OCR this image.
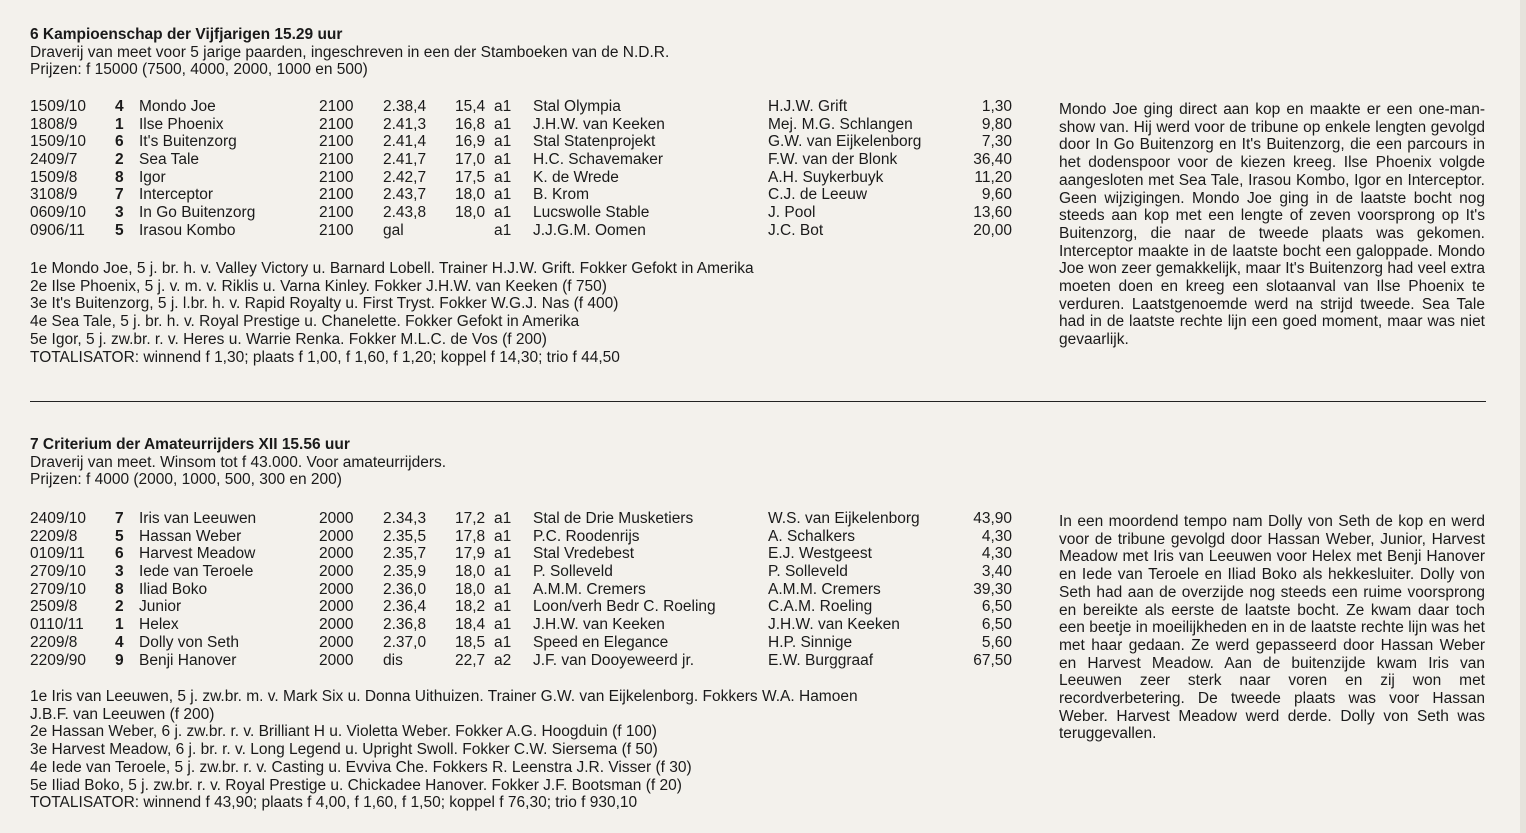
6 Kampioenschap der Vijfjarigen 15.29 uur
Draverij van meet voor 5 jarige paarden, ingeschreven in een der Stamboeken van de N.D.R.
Prijzen: f 15000 (7500, 4000, 2000, 1000 en 500)
1509/10 4 Mondo Joe	2100 2.38,4 15,4 a1 Stal Olympia	H.J.W. Grift	1,30
1808/9 1 Ilse Phoenix	2100 2.41,3 16,8 a1 J.H.W. van Keeken	Mej. M.G. Schlangen	9,80
1509/10 6 It's Buitenzorg	2100 2.41,4 16,9 a1 Stal Statenprojekt	G.W. van Eijkelenborg	7,30
2409/7 2 Sea Tale	2100 2.41,7 17,0 a1 H.C. Schavemaker	F.W. van der Blonk	36,40
1509/8 8 Igor	2100 2.42,7 17,5 a1 K. de Wrede	A.H. Suykerbuyk	11,20
3108/9 7 Interceptor	2100 2.43,7 18,0 a1 B. Krom	C.J. de Leeuw	9,60
0609/10 3 In Go Buitenzorg	2100 2.43,8 18,0 a1 Lucswolle Stable	J. Pool	13,60
0906/11 5 Irasou Kombo	2100 gal	a1 J.J.G.M. Oomen	J.C. Bot	20,00
1e Mondo Joe, 5 j. br. h. v. Valley Victory u. Barnard Lobell. Trainer H.J.W. Grift. Fokker Gefokt in Amerika
2e Ilse Phoenix, 5 j. v. m. v. Riklis u. Varna Kinley. Fokker J.H.W. van Keeken (f 750)
3e It's Buitenzorg, 5 j. l.br. h. v. Rapid Royalty u. First Tryst. Fokker W.G.J. Nas (f 400)
4e Sea Tale, 5 j. br. h. v. Royal Prestige u. Chanelette. Fokker Gefokt in Amerika
5e Igor, 5 j. zw.br. r. v. Heres u. Warrie Renka. Fokker M.L.C. de Vos (f 200)
TOTALISATOR: winnend f 1,30; plaats f 1,00, f 1,60, f 1,20; koppel f 14,30; trio f 44,50
Mondo Joe ging direct aan kop en maakte er een one-man-show van. Hij werd voor de tribune op enkele lengten gevolgd door In Go Buitenzorg en It's Buitenzorg, die een parcours in het dodenspoor voor de kiezen kreeg. Ilse Phoenix volgde aangesloten met Sea Tale, Irasou Kombo, Igor en Interceptor. Geen wijzigingen. Mondo Joe ging in de laatste bocht nog steeds aan kop met een lengte of zeven voorsprong op It's Buitenzorg, die naar de tweede plaats was gekomen. Interceptor maakte in de laatste bocht een galoppade. Mondo Joe won zeer gemakkelijk, maar It's Buitenzorg had veel extra moeten doen en kreeg een slotaanval van Ilse Phoenix te verduren. Laatstgenoemde werd na strijd tweede. Sea Tale had in de laatste rechte lijn een goed moment, maar was niet gevaarlijk.
7 Criterium der Amateurrijders XII 15.56 uur
Draverij van meet. Winsom tot f 43.000. Voor amateurrijders.
Prijzen: f 4000 (2000, 1000, 500, 300 en 200)
2409/10 7 Iris van Leeuwen	2000 2.34,3 17,2 a1 Stal de Drie Musketiers	W.S. van Eijkelenborg	43,90
2209/8 5 Hassan Weber	2000 2.35,5 17,8 a1 P.C. Roodenrijs	A. Schalkers	4,30
0109/11 6 Harvest Meadow	2000 2.35,7 17,9 a1 Stal Vredebest	E.J. Westgeest	4,30
2709/10 3 Iede van Teroele	2000 2.35,9 18,0 a1 P. Solleveld	P. Solleveld	3,40
2709/10 8 Iliad Boko	2000 2.36,0 18,0 a1 A.M.M. Cremers	A.M.M. Cremers	39,30
2509/8 2 Junior	2000 2.36,4 18,2 a1 Loon/verh Bedr C. Roeling	C.A.M. Roeling	6,50
0110/11 1 Helex	2000 2.36,8 18,4 a1 J.H.W. van Keeken	J.H.W. van Keeken	6,50
2209/8 4 Dolly von Seth	2000 2.37,0 18,5 a1 Speed en Elegance	H.P. Sinnige	5,60
2209/90 9 Benji Hanover	2000 dis	22,7 a2 J.F. van Dooyeweerd jr.	E.W. Burggraaf	67,50
1e Iris van Leeuwen, 5 j. zw.br. m. v. Mark Six u. Donna Uithuizen. Trainer G.W. van Eijkelenborg. Fokkers W.A. Hamoen
J.B.F. van Leeuwen (f 200)
2e Hassan Weber, 6 j. zw.br. r. v. Brilliant H u. Violetta Weber. Fokker A.G. Hoogduin (f 100)
3e Harvest Meadow, 6 j. br. r. v. Long Legend u. Upright Swoll. Fokker C.W. Siersema (f 50)
4e Iede van Teroele, 5 j. zw.br. r. v. Casting u. Evviva Che. Fokkers R. Leenstra J.R. Visser (f 30)
5e Iliad Boko, 5 j. zw.br. r. v. Royal Prestige u. Chickadee Hanover. Fokker J.F. Bootsman (f 20)
TOTALISATOR: winnend f 43,90; plaats f 4,00, f 1,60, f 1,50; koppel f 76,30; trio f 930,10
In een moordend tempo nam Dolly von Seth de kop en werd voor de tribune gevolgd door Hassan Weber, Junior, Harvest Meadow met Iris van Leeuwen voor Helex met Benji Hanover en Iede van Teroele en Iliad Boko als hekkesluiter. Dolly von Seth had aan de overzijde nog steeds een ruime voorsprong en bereikte als eerste de laatste bocht. Ze kwam daar toch een beetje in moeilijkheden en in de laatste rechte lijn was het met haar gedaan. Ze werd gepasseerd door Hassan Weber en Harvest Meadow. Aan de buitenzijde kwam Iris van Leeuwen zeer sterk naar voren en zij won met recordverbetering. De tweede plaats was voor Hassan Weber. Harvest Meadow werd derde. Dolly von Seth was teruggevallen.
